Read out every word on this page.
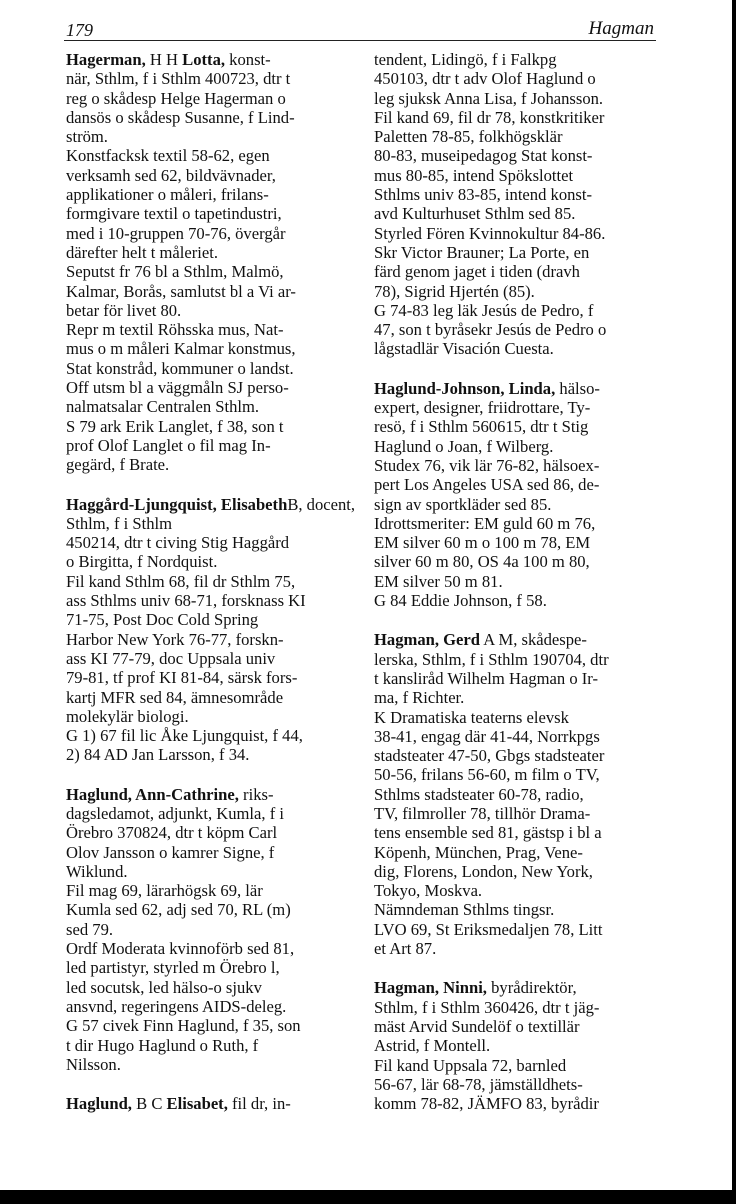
179	Hagman

Hagerman, H H Lotta, konst-

när, Sthlm, f i Sthlm 400723, dtr t

reg o skådesp Helge Hagerman o

dansös o skådesp Susanne, f Lind-

ström.

Konstfacksk textil 58-62, egen

verksamh sed 62, bildvävnader,

applikationer o måleri, frilans-

formgivare textil o tapetindustri,

med i 10-gruppen 70-76, övergår

därefter helt t måleriet.

Seputst fr 76 bl a Sthlm, Malmö,

Kalmar, Borås, samlutst bl a Vi ar-

betar för livet 80.

Repr m textil Röhsska mus, Nat-

mus o m måleri Kalmar konstmus,

Stat konstråd, kommuner o landst.

Off utsm bl a väggmåln SJ perso-

nalmatsalar Centralen Sthlm.

S 79 ark Erik Langlet, f 38, son t

prof Olof Langlet o fil mag In-

gegärd, f Brate.

Haggård-Ljungquist, ElisabethB, docent, Sthlm, f i Sthlm

450214, dtr t civing Stig Haggård

o Birgitta, f Nordquist.

Fil kand Sthlm 68, fil dr Sthlm 75,

ass Sthlms univ 68-71, forsknass KI

71-75, Post Doc Cold Spring

Harbor New York 76-77, forskn-

ass KI 77-79, doc Uppsala univ

79-81, tf prof KI 81-84, särsk fors-

kartj MFR sed 84, ämnesområde

molekylär biologi.

G 1) 67 fil lic Åke Ljungquist, f 44,

2) 84 AD Jan Larsson, f 34.

Haglund, Ann-Cathrine, riks-

dagsledamot, adjunkt, Kumla, f i

Örebro 370824, dtr t köpm Carl

Olov Jansson o kamrer Signe, f

Wiklund.

Fil mag 69, lärarhögsk 69, lär

Kumla sed 62, adj sed 70, RL (m)

sed 79.

Ordf Moderata kvinnoförb sed 81,

led partistyr, styrled m Örebro l,

led socutsk, led hälso-o sjukv

ansvnd, regeringens AIDS-deleg.

G 57 civek Finn Haglund, f 35, son

t dir Hugo Haglund o Ruth, f

Nilsson.

Haglund, B C Elisabet, fil dr, in-

tendent, Lidingö, f i Falkpg

450103, dtr t adv Olof Haglund o

leg sjuksk Anna Lisa, f Johansson.

Fil kand 69, fil dr 78, konstkritiker

Paletten 78-85, folkhögsklär

80-83, museipedagog Stat konst-

mus 80-85, intend Spökslottet

Sthlms univ 83-85, intend konst-

avd Kulturhuset Sthlm sed 85.

Styrled Fören Kvinnokultur 84-86.

Skr Victor Brauner; La Porte, en

färd genom jaget i tiden (dravh

78), Sigrid Hjertén (85).

G 74-83 leg läk Jesús de Pedro, f

47, son t byråsekr Jesús de Pedro o

lågstadlär Visación Cuesta.

Haglund-Johnson, Linda, hälso-

expert, designer, friidrottare, Ty-

resö, f i Sthlm 560615, dtr t Stig

Haglund o Joan, f Wilberg.

Studex 76, vik lär 76-82, hälsoex-

pert Los Angeles USA sed 86, de-

sign av sportkläder sed 85.

Idrottsmeriter: EM guld 60 m 76,

EM silver 60 m o 100 m 78, EM

silver 60 m 80, OS 4a 100 m 80,

EM silver 50 m 81.

G 84 Eddie Johnson, f 58.

Hagman, Gerd A M, skådespe-

lerska, Sthlm, f i Sthlm 190704, dtr

t kanslіråd Wilhelm Hagman o Ir-

ma, f Richter.

K Dramatiska teaterns elevsk

38-41, engag där 41-44, Norrkpgs

stadsteater 47-50, Gbgs stadsteater

50-56, frilans 56-60, m film o TV,

Sthlms stadsteater 60-78, radio,

TV, filmroller 78, tillhör Drama-

tens ensemble sed 81, gästsp i bl a

Köpenh, München, Prag, Vene-

dig, Florens, London, New York,

Tokyo, Moskva.

Nämndeman Sthlms tingsr.

LVO 69, St Eriksmedaljen 78, Litt

et Art 87.

Hagman, Ninni, byrådirektör,

Sthlm, f i Sthlm 360426, dtr t jäg-

mäst Arvid Sundelöf o textillär

Astrid, f Montell.

Fil kand Uppsala 72, barnled

56-67, lär 68-78, jämställdhets-

komm 78-82, JÄMFO 83, byrådir
